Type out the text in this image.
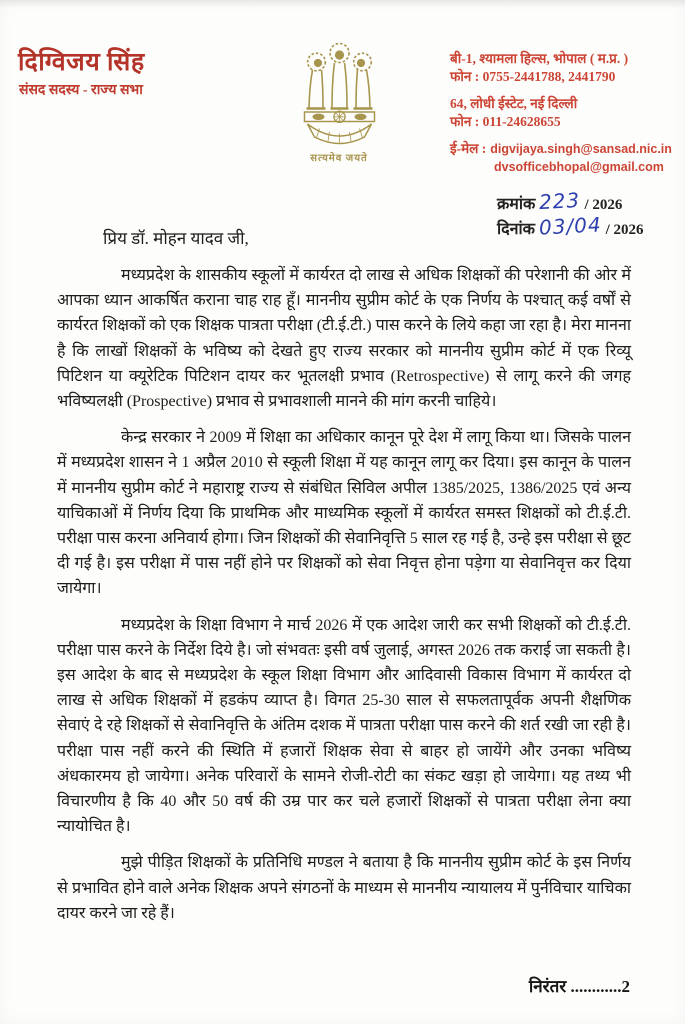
दिग्विजय सिंह
संसद सदस्य - राज्य सभा
सत्यमेव जयते
बी-1, श्यामला हिल्स, भोपाल ( म.प्र. )
फोन : 0755-2441788, 2441790
64, लोधी ईस्टेट, नई दिल्ली
फोन : 011-24628655
ई-मेल : digvijaya.singh@sansad.nic.in
dvsofficebhopal@gmail.com
क्रमांक 223 / 2026
दिनांक 03/04 / 2026
प्रिय डॉ. मोहन यादव जी,

मध्यप्रदेश के शासकीय स्कूलों में कार्यरत दो लाख से अधिक शिक्षकों की परेशानी की ओर में आपका ध्यान आकर्षित कराना चाह राह हूँ। माननीय सुप्रीम कोर्ट के एक निर्णय के पश्चात् कई वर्षों से कार्यरत शिक्षकों को एक शिक्षक पात्रता परीक्षा (टी.ई.टी.) पास करने के लिये कहा जा रहा है। मेरा मानना है कि लाखों शिक्षकों के भविष्य को देखते हुए राज्य सरकार को माननीय सुप्रीम कोर्ट में एक रिव्यू पिटिशन या क्यूरेटिक पिटिशन दायर कर भूतलक्षी प्रभाव (Retrospective) से लागू करने की जगह भविष्यलक्षी (Prospective) प्रभाव से प्रभावशाली मानने की मांग करनी चाहिये।

केन्द्र सरकार ने 2009 में शिक्षा का अधिकार कानून पूरे देश में लागू किया था। जिसके पालन में मध्यप्रदेश शासन ने 1 अप्रैल 2010 से स्कूली शिक्षा में यह कानून लागू कर दिया। इस कानून के पालन में माननीय सुप्रीम कोर्ट ने महाराष्ट्र राज्य से संबंधित सिविल अपील 1385/2025, 1386/2025 एवं अन्य याचिकाओं में निर्णय दिया कि प्राथमिक और माध्यमिक स्कूलों में कार्यरत समस्त शिक्षकों को टी.ई.टी. परीक्षा पास करना अनिवार्य होगा। जिन शिक्षकों की सेवानिवृत्ति 5 साल रह गई है, उन्हे इस परीक्षा से छूट दी गई है। इस परीक्षा में पास नहीं होने पर शिक्षकों को सेवा निवृत्त होना पड़ेगा या सेवानिवृत्त कर दिया जायेगा।

मध्यप्रदेश के शिक्षा विभाग ने मार्च 2026 में एक आदेश जारी कर सभी शिक्षकों को टी.ई.टी. परीक्षा पास करने के निर्देश दिये है। जो संभवतः इसी वर्ष जुलाई, अगस्त 2026 तक कराई जा सकती है। इस आदेश के बाद से मध्यप्रदेश के स्कूल शिक्षा विभाग और आदिवासी विकास विभाग में कार्यरत दो लाख से अधिक शिक्षकों में हडकंप व्याप्त है। विगत 25-30 साल से सफलतापूर्वक अपनी शैक्षणिक सेवाएं दे रहे शिक्षकों से सेवानिवृत्ति के अंतिम दशक में पात्रता परीक्षा पास करने की शर्त रखी जा रही है। परीक्षा पास नहीं करने की स्थिति में हजारों शिक्षक सेवा से बाहर हो जायेंगे और उनका भविष्य अंधकारमय हो जायेगा। अनेक परिवारों के सामने रोजी-रोटी का संकट खड़ा हो जायेगा। यह तथ्य भी विचारणीय है कि 40 और 50 वर्ष की उम्र पार कर चले हजारों शिक्षकों से पात्रता परीक्षा लेना क्या न्यायोचित है।

मुझे पीड़ित शिक्षकों के प्रतिनिधि मण्डल ने बताया है कि माननीय सुप्रीम कोर्ट के इस निर्णय से प्रभावित होने वाले अनेक शिक्षक अपने संगठनों के माध्यम से माननीय न्यायालय में पुर्नविचार याचिका दायर करने जा रहे हैं।

निरंतर ............2
